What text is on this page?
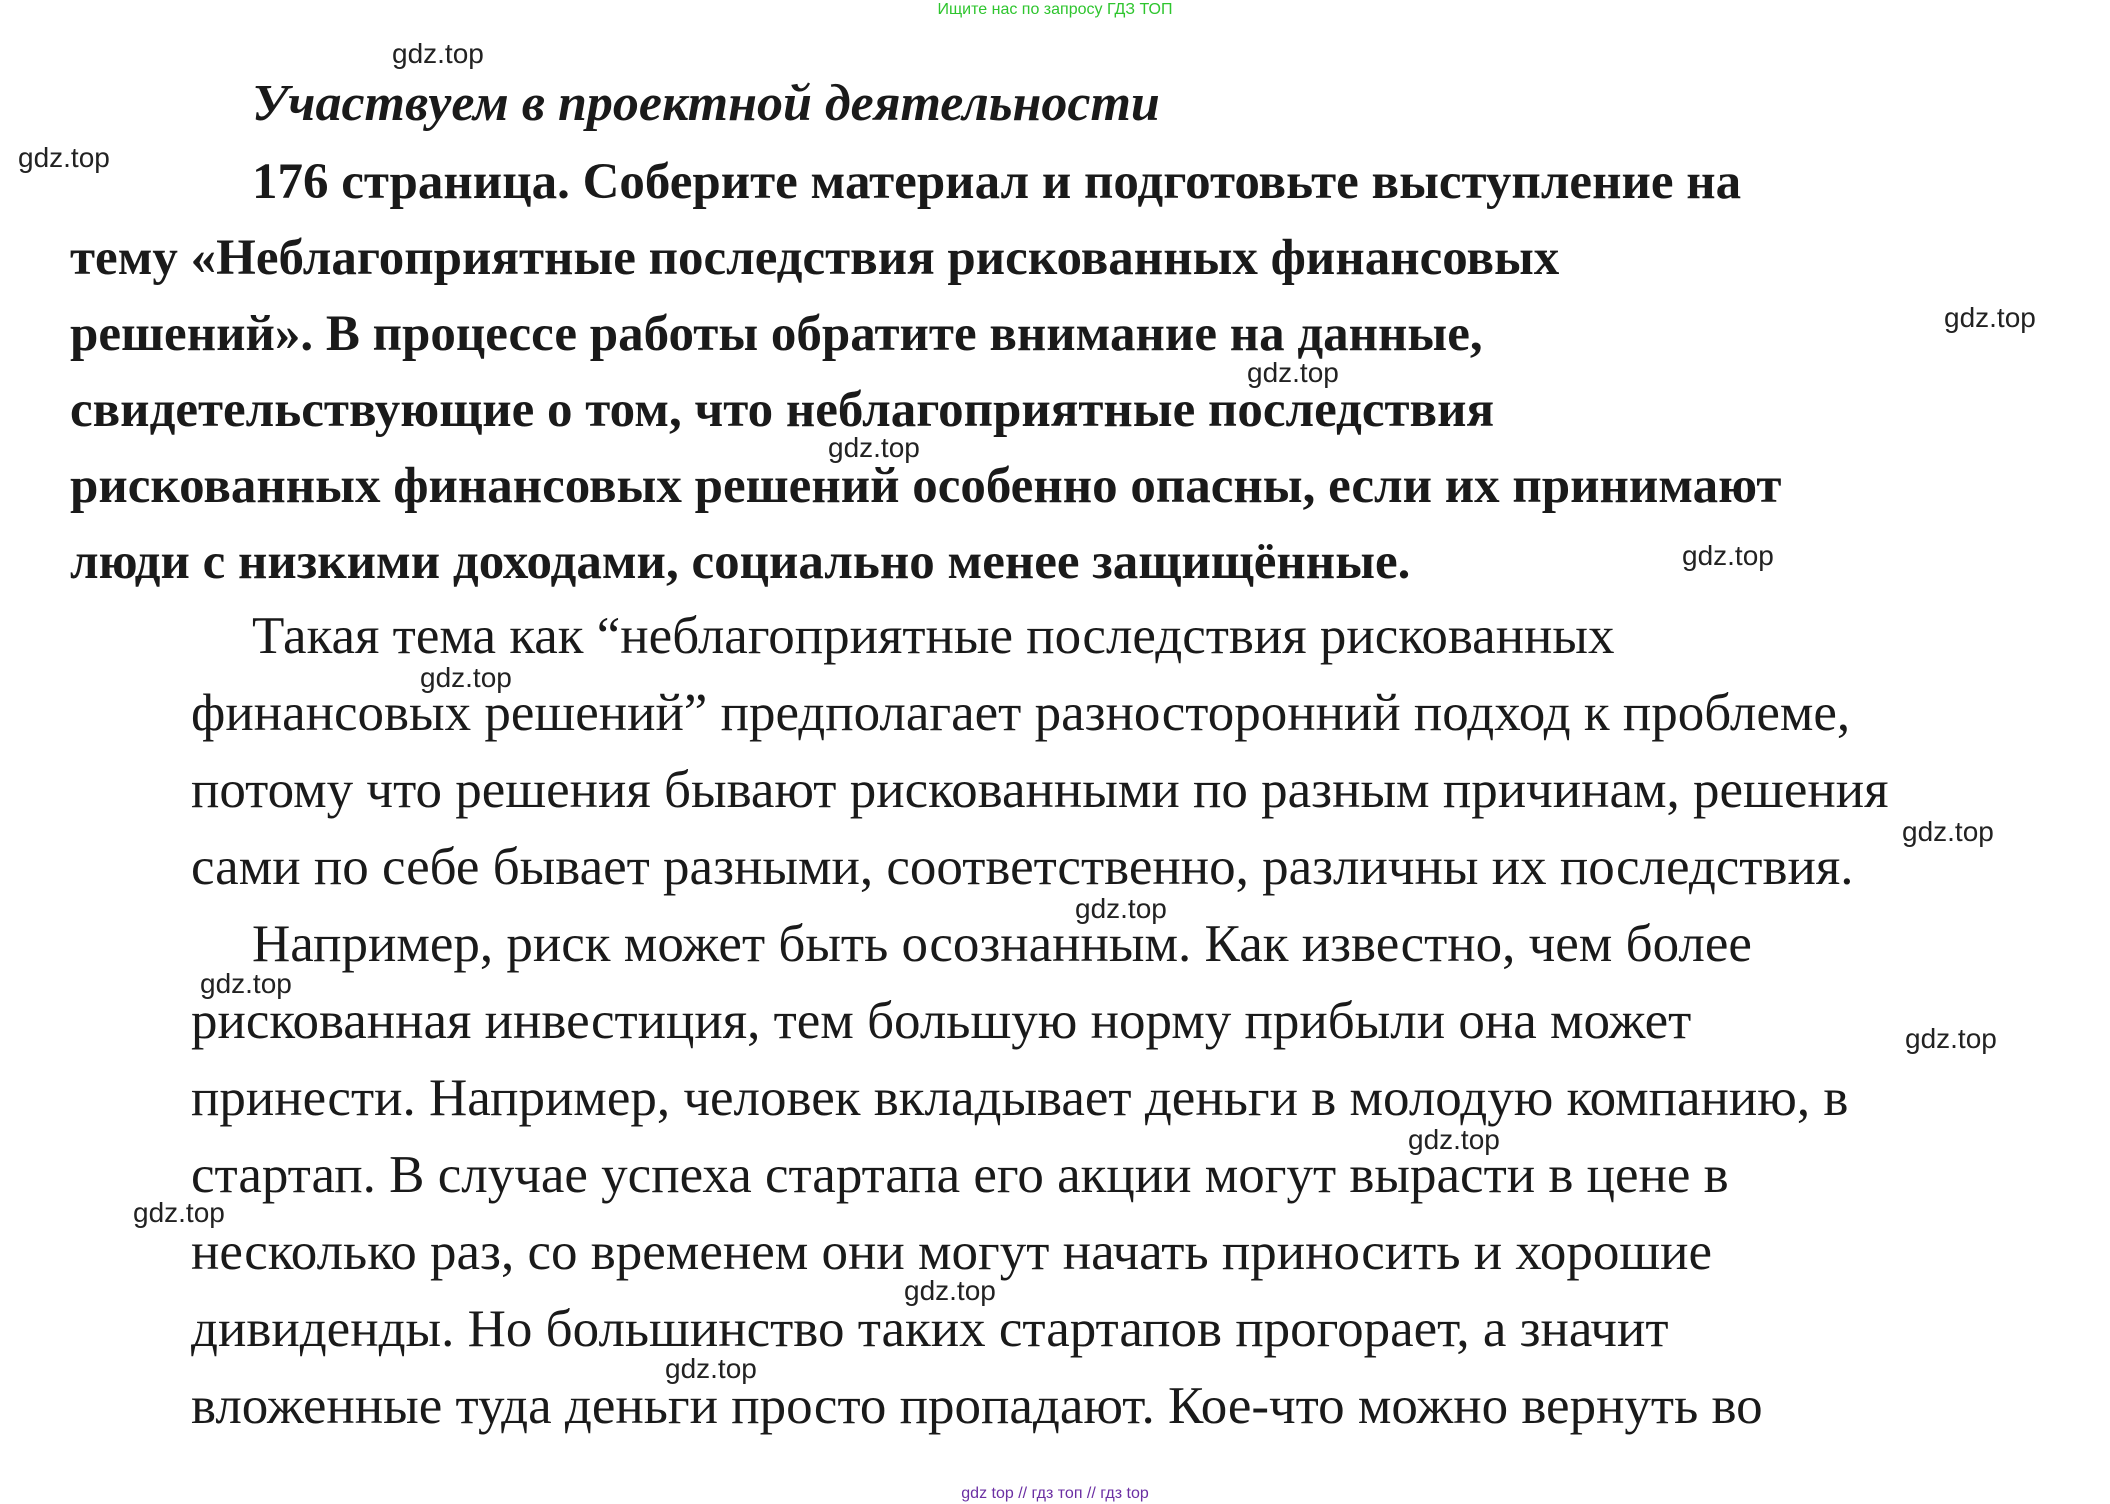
Ищите нас по запросу ГДЗ ТОП
Участвуем в проектной деятельности

176 страница. Соберите материал и подготовьте выступление на

тему «Неблагоприятные последствия рискованных финансовых

решений». В процессе работы обратите внимание на данные,

свидетельствующие о том, что неблагоприятные последствия

рискованных финансовых решений особенно опасны, если их принимают

люди с низкими доходами, социально менее защищённые.

Такая тема как “неблагоприятные последствия рискованных

финансовых решений” предполагает разносторонний подход к проблеме,

потому что решения бывают рискованными по разным причинам, решения

сами по себе бывает разными, соответственно, различны их последствия.

Например, риск может быть осознанным. Как известно, чем более

рискованная инвестиция, тем большую норму прибыли она может

принести. Например, человек вкладывает деньги в молодую компанию, в

стартап. В случае успеха стартапа его акции могут вырасти в цене в

несколько раз, со временем они могут начать приносить и хорошие

дивиденды. Но большинство таких стартапов прогорает, а значит

вложенные туда деньги просто пропадают. Кое-что можно вернуть во

gdz.top
gdz.top
gdz.top
gdz.top
gdz.top
gdz.top
gdz.top
gdz.top
gdz.top
gdz.top
gdz.top
gdz.top
gdz.top
gdz.top
gdz.top
gdz top // гдз топ // гдз top
